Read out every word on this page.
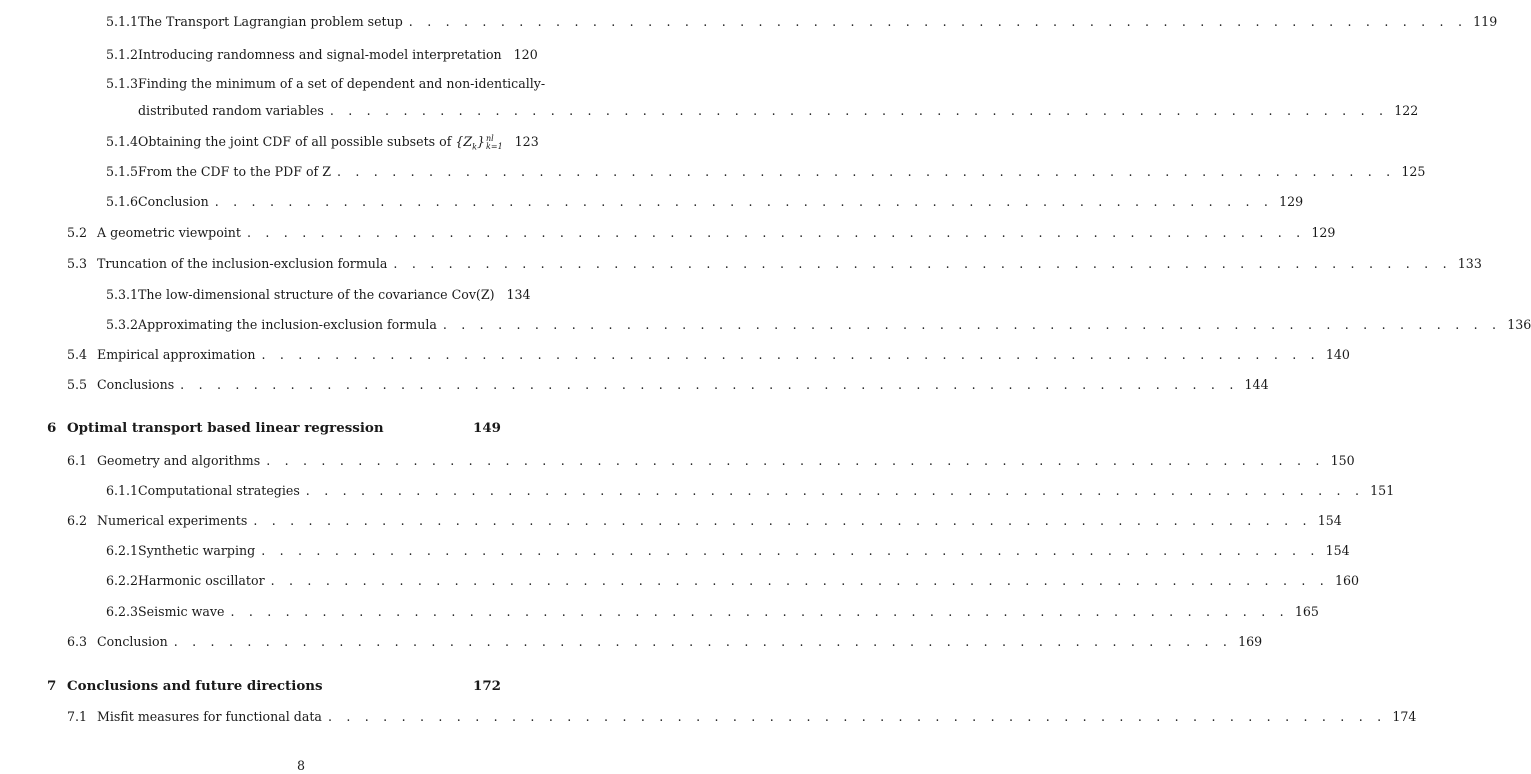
5.1.1 The Transport Lagrangian problem setup . . . . . . . . . . . . . . . . . . . . . . . . . . . . . . . . . . . . . . . . . . . . . . . . . . . . . . . . . . 119
5.1.2 Introducing randomness and signal-model interpretation 120
5.1.3 Finding the minimum of a set of dependent and non-identically-
distributed random variables . . . . . . . . . . . . . . . . . . . . . . . . . . . . . . . . . . . . . . . . . . . . . . . . . . . . . . . . . . 122
5.1.4 Obtaining the joint CDF of all possible subsets of $\{Z_k\}$ nl
k=1 123
5.1.5 From the CDF to the PDF of Z . . . . . . . . . . . . . . . . . . . . . . . . . . . . . . . . . . . . . . . . . . . . . . . . . . . . . . . . . . 125
5.1.6 Conclusion . . . . . . . . . . . . . . . . . . . . . . . . . . . . . . . . . . . . . . . . . . . . . . . . . . . . . . . . . . 129
5.2 A geometric viewpoint . . . . . . . . . . . . . . . . . . . . . . . . . . . . . . . . . . . . . . . . . . . . . . . . . . . . . . . . . . 129
5.3 Truncation of the inclusion-exclusion formula . . . . . . . . . . . . . . . . . . . . . . . . . . . . . . . . . . . . . . . . . . . . . . . . . . . . . . . . . . 133
5.3.1 The low-dimensional structure of the covariance Cov(Z) 134
5.3.2 Approximating the inclusion-exclusion formula . . . . . . . . . . . . . . . . . . . . . . . . . . . . . . . . . . . . . . . . . . . . . . . . . . . . . . . . . . 136
5.4 Empirical approximation . . . . . . . . . . . . . . . . . . . . . . . . . . . . . . . . . . . . . . . . . . . . . . . . . . . . . . . . . . 140
5.5 Conclusions . . . . . . . . . . . . . . . . . . . . . . . . . . . . . . . . . . . . . . . . . . . . . . . . . . . . . . . . . . 144
6 Optimal transport based linear regression	149
6.1 Geometry and algorithms . . . . . . . . . . . . . . . . . . . . . . . . . . . . . . . . . . . . . . . . . . . . . . . . . . . . . . . . . . 150
6.1.1 Computational strategies . . . . . . . . . . . . . . . . . . . . . . . . . . . . . . . . . . . . . . . . . . . . . . . . . . . . . . . . . . 151
6.2 Numerical experiments . . . . . . . . . . . . . . . . . . . . . . . . . . . . . . . . . . . . . . . . . . . . . . . . . . . . . . . . . . 154
6.2.1 Synthetic warping . . . . . . . . . . . . . . . . . . . . . . . . . . . . . . . . . . . . . . . . . . . . . . . . . . . . . . . . . . 154
6.2.2 Harmonic oscillator . . . . . . . . . . . . . . . . . . . . . . . . . . . . . . . . . . . . . . . . . . . . . . . . . . . . . . . . . . 160
6.2.3 Seismic wave . . . . . . . . . . . . . . . . . . . . . . . . . . . . . . . . . . . . . . . . . . . . . . . . . . . . . . . . . . 165
6.3 Conclusion . . . . . . . . . . . . . . . . . . . . . . . . . . . . . . . . . . . . . . . . . . . . . . . . . . . . . . . . . . 169
7 Conclusions and future directions	172
7.1 Misfit measures for functional data . . . . . . . . . . . . . . . . . . . . . . . . . . . . . . . . . . . . . . . . . . . . . . . . . . . . . . . . . . 174
8
